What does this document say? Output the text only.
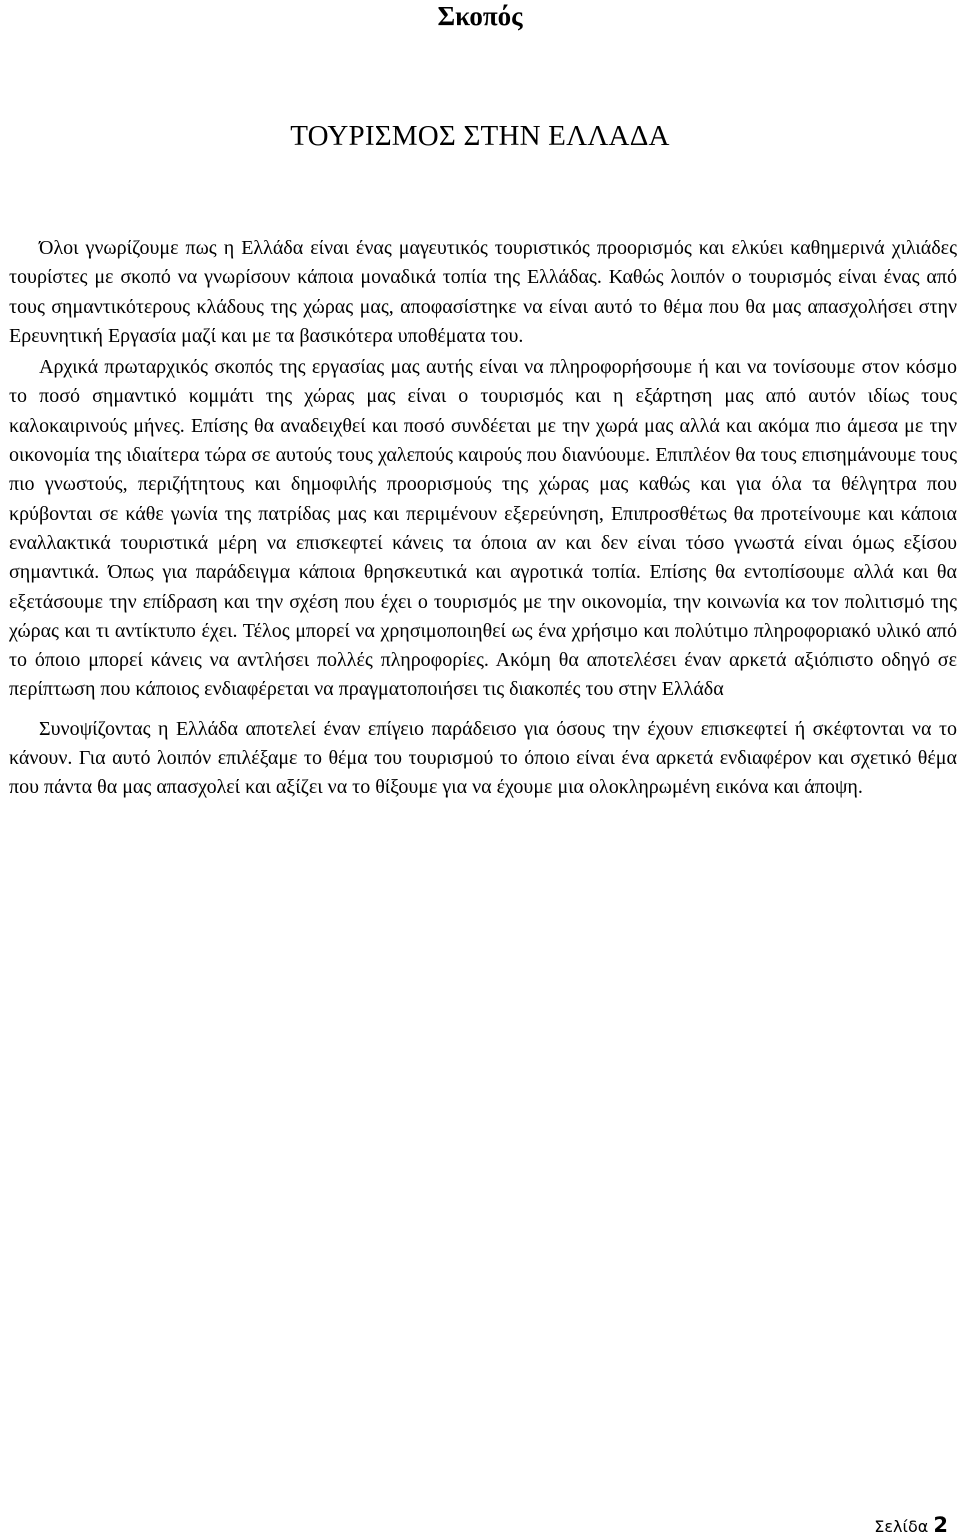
Σκοπός
ΤΟΥΡΙΣΜΟΣ ΣΤΗΝ ΕΛΛΑΔΑ

Όλοι γνωρίζουμε πως η Ελλάδα είναι ένας μαγευτικός τουριστικός προορισμός και ελκύει καθημερινά χιλιάδες τουρίστες με σκοπό να γνωρίσουν κάποια μοναδικά τοπία της Ελλάδας. Καθώς λοιπόν ο τουρισμός είναι ένας από τους σημαντικότερους κλάδους της χώρας μας, αποφασίστηκε να είναι αυτό το θέμα που θα μας απασχολήσει στην Ερευνητική Εργασία μαζί και με τα βασικότερα υποθέματα του.

Αρχικά πρωταρχικός σκοπός της εργασίας μας αυτής είναι να πληροφορήσουμε ή και να τονίσουμε στον κόσμο το ποσό σημαντικό κομμάτι της χώρας μας είναι ο τουρισμός και η εξάρτηση μας από αυτόν ιδίως τους καλοκαιρινούς μήνες. Επίσης θα αναδειχθεί και ποσό συνδέεται με την χωρά μας αλλά και ακόμα πιο άμεσα με την οικονομία της ιδιαίτερα τώρα σε αυτούς τους χαλεπούς καιρούς που διανύουμε. Επιπλέον θα τους επισημάνουμε τους πιο γνωστούς, περιζήτητους και δημοφιλής προορισμούς της χώρας μας καθώς και για όλα τα θέλγητρα που κρύβονται σε κάθε γωνία της πατρίδας μας και περιμένουν εξερεύνηση, Επιπροσθέτως θα προτείνουμε και κάποια εναλλακτικά τουριστικά μέρη να επισκεφτεί κάνεις τα όποια αν και δεν είναι τόσο γνωστά είναι όμως εξίσου σημαντικά. Όπως για παράδειγμα κάποια θρησκευτικά και αγροτικά τοπία. Επίσης θα εντοπίσουμε αλλά και θα εξετάσουμε την επίδραση και την σχέση που έχει ο τουρισμός με την οικονομία, την κοινωνία κα τον πολιτισμό της χώρας και τι αντίκτυπο έχει. Τέλος μπορεί να χρησιμοποιηθεί ως ένα χρήσιμο και πολύτιμο πληροφοριακό υλικό από το όποιο μπορεί κάνεις να αντλήσει πολλές πληροφορίες. Ακόμη θα αποτελέσει έναν αρκετά αξιόπιστο οδηγό σε περίπτωση που κάποιος ενδιαφέρεται να πραγματοποιήσει τις διακοπές του στην Ελλάδα

Συνοψίζοντας η Ελλάδα αποτελεί έναν επίγειο παράδεισο για όσους την έχουν επισκεφτεί ή σκέφτονται να το κάνουν. Για αυτό λοιπόν επιλέξαμε το θέμα του τουρισμού το όποιο είναι ένα αρκετά ενδιαφέρον και σχετικό θέμα που πάντα θα μας απασχολεί και αξίζει να το θίξουμε για να έχουμε μια ολοκληρωμένη εικόνα και άποψη.

Σελίδα 2
